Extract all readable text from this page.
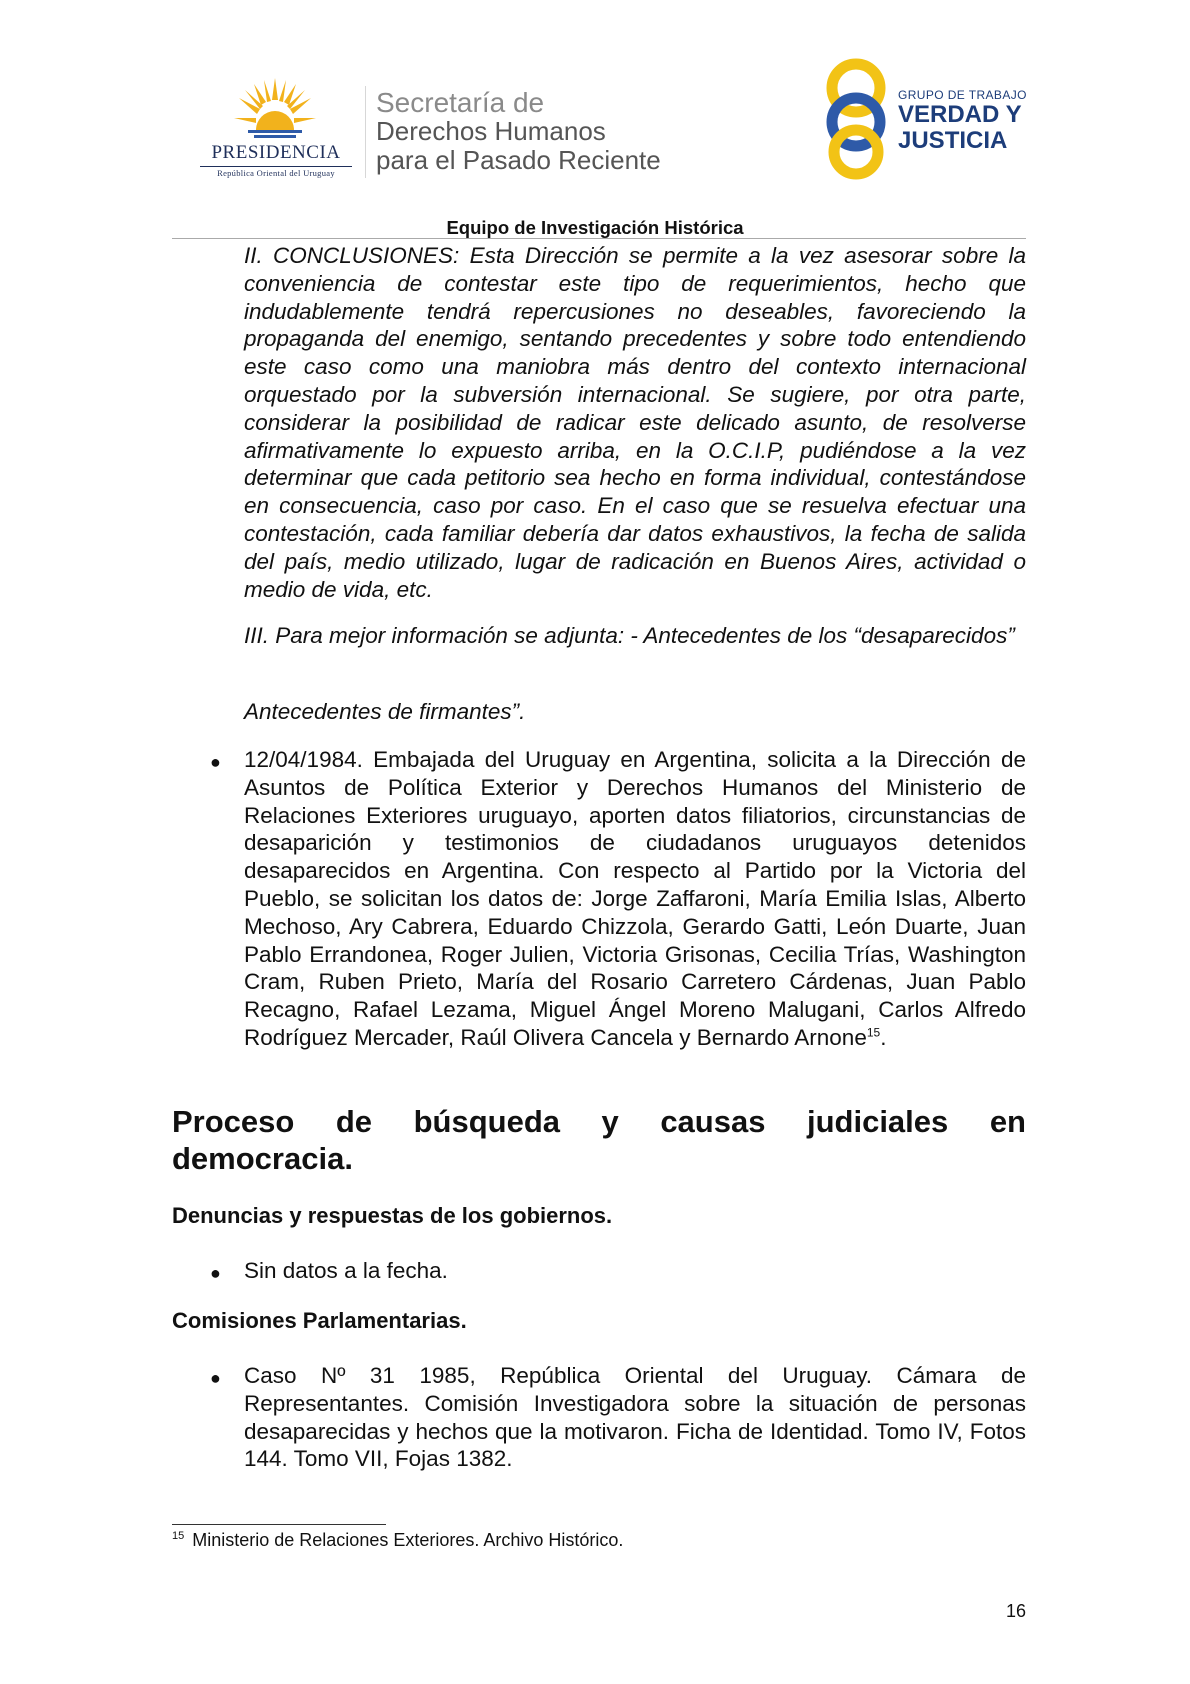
PRESIDENCIA
República Oriental del Uruguay
Secretaría de
Derechos Humanos
para el Pasado Reciente
GRUPO DE TRABAJO
VERDAD Y
JUSTICIA
Equipo de Investigación Histórica
II. CONCLUSIONES: Esta Dirección se permite a la vez asesorar sobre la conveniencia de contestar este tipo de requerimientos, hecho que indudablemente tendrá repercusiones no deseables, favoreciendo la propaganda del enemigo, sentando precedentes y sobre todo entendiendo este caso como una maniobra más dentro del contexto internacional orquestado por la subversión internacional. Se sugiere, por otra parte, considerar la posibilidad de radicar este delicado asunto, de resolverse afirmativamente lo expuesto arriba, en la O.C.I.P, pudiéndose a la vez determinar que cada petitorio sea hecho en forma individual, contestándose en consecuencia, caso por caso. En el caso que se resuelva efectuar una contestación, cada familiar debería dar datos exhaustivos, la fecha de salida del país, medio utilizado, lugar de radicación en Buenos Aires, actividad o medio de vida, etc.
III. Para mejor información se adjunta: - Antecedentes de los “desaparecidos”
Antecedentes de firmantes”.
● 12/04/1984. Embajada del Uruguay en Argentina, solicita a la Dirección de Asuntos de Política Exterior y Derechos Humanos del Ministerio de Relaciones Exteriores uruguayo, aporten datos filiatorios, circunstancias de desaparición y testimonios de ciudadanos uruguayos detenidos desaparecidos en Argentina. Con respecto al Partido por la Victoria del Pueblo, se solicitan los datos de: Jorge Zaffaroni, María Emilia Islas, Alberto Mechoso, Ary Cabrera, Eduardo Chizzola, Gerardo Gatti, León Duarte, Juan Pablo Errandonea, Roger Julien, Victoria Grisonas, Cecilia Trías, Washington Cram, Ruben Prieto, María del Rosario Carretero Cárdenas, Juan Pablo Recagno, Rafael Lezama, Miguel Ángel Moreno Malugani, Carlos Alfredo Rodríguez Mercader, Raúl Olivera Cancela y Bernardo Arnone$^{15}$.
Proceso de búsqueda y causas judiciales en
democracia.
Denuncias y respuestas de los gobiernos.
● Sin datos a la fecha.
Comisiones Parlamentarias.
● Caso Nº 31 1985, República Oriental del Uruguay. Cámara de Representantes. Comisión Investigadora sobre la situación de personas desaparecidas y hechos que la motivaron. Ficha de Identidad. Tomo IV, Fotos 144. Tomo VII, Fojas 1382.
$^{15}$ Ministerio de Relaciones Exteriores. Archivo Histórico.
16
